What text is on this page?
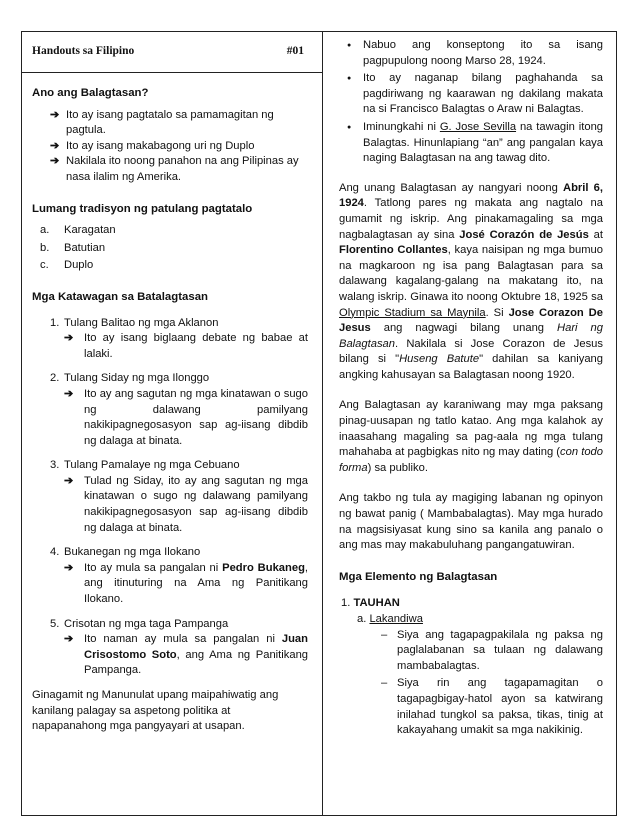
Handouts sa Filipino	#01
Ano ang Balagtasan?
➔ Ito ay isang pagtatalo sa pamamagitan ng pagtula.
➔ Ito ay isang makabagong uri ng Duplo
➔ Nakilala ito noong panahon na ang Pilipinas ay nasa ilalim ng Amerika.
Lumang tradisyon ng patulang pagtatalo
a. Karagatan
b. Batutian
c. Duplo
Mga Katawagan sa Batalagtasan
1. Tulang Balitao ng mga Aklanon
➔ Ito ay isang biglaang debate ng babae at lalaki.
2. Tulang Siday ng mga Ilonggo
➔ Ito ay ang sagutan ng mga kinatawan o sugo ng dalawang pamilyang nakikipagnegosasyon sap ag-iisang dibdib ng dalaga at binata.
3. Tulang Pamalaye ng mga Cebuano
➔ Tulad ng Siday, ito ay ang sagutan ng mga kinatawan o sugo ng dalawang pamilyang nakikipagnegosasyon sap ag-iisang dibdib ng dalaga at binata.
4. Bukanegan ng mga Ilokano
➔ Ito ay mula sa pangalan ni Pedro Bukaneg, ang itinuturing na Ama ng Panitikang Ilokano.
5. Crisotan ng mga taga Pampanga
➔ Ito naman ay mula sa pangalan ni Juan Crisostomo Soto, ang Ama ng Panitikang Pampanga.

Ginagamit ng Manunulat upang maipahiwatig ang kanilang palagay sa aspetong politika at napapanahong mga pangyayari at usapan.

● Nabuo ang konseptong ito sa isang pagpupulong noong Marso 28, 1924.
● Ito ay naganap bilang paghahanda sa pagdiriwang ng kaarawan ng dakilang makata na si Francisco Balagtas o Araw ni Balagtas.
● Iminungkahi ni G. Jose Sevilla na tawagin itong Balagtas. Hinunlapiang “an” ang pangalan kaya naging Balagtasan na ang tawag dito.

Ang unang Balagtasan ay nangyari noong Abril 6, 1924. Tatlong pares ng makata ang nagtalo na gumamit ng iskrip. Ang pinakamagaling sa mga nagbalagtasan ay sina José Corazón de Jesús at Florentino Collantes, kaya naisipan ng mga bumuo na magkaroon ng isa pang Balagtasan para sa dalawang kagalang-galang na makatang ito, na walang iskrip. Ginawa ito noong Oktubre 18, 1925 sa Olympic Stadium sa Maynila. Si Jose Corazon De Jesus ang nagwagi bilang unang Hari ng Balagtasan. Nakilala si Jose Corazon de Jesus bilang si "Huseng Batute" dahilan sa kaniyang angking kahusayan sa Balagtasan noong 1920.

Ang Balagtasan ay karaniwang may mga paksang pinag-uusapan ng tatlo katao. Ang mga kalahok ay inaasahang magaling sa pag-aala ng mga tulang mahahaba at pagbigkas nito ng may dating (con todo forma) sa publiko.

Ang takbo ng tula ay magiging labanan ng opinyon ng bawat panig ( Mambabalagtas). May mga hurado na magsisiyasat kung sino sa kanila ang panalo o ang mas may makabuluhang pangangatuwiran.

Mga Elemento ng Balagtasan
1. TAUHAN
a. Lakandiwa
– Siya ang tagapagpakilala ng paksa ng paglalabanan sa tulaan ng dalawang mambabalagtas.
– Siya rin ang tagapamagitan o tagapagbigay-hatol ayon sa katwirang inilahad tungkol sa paksa, tikas, tinig at kakayahang umakit sa mga nakikinig.
